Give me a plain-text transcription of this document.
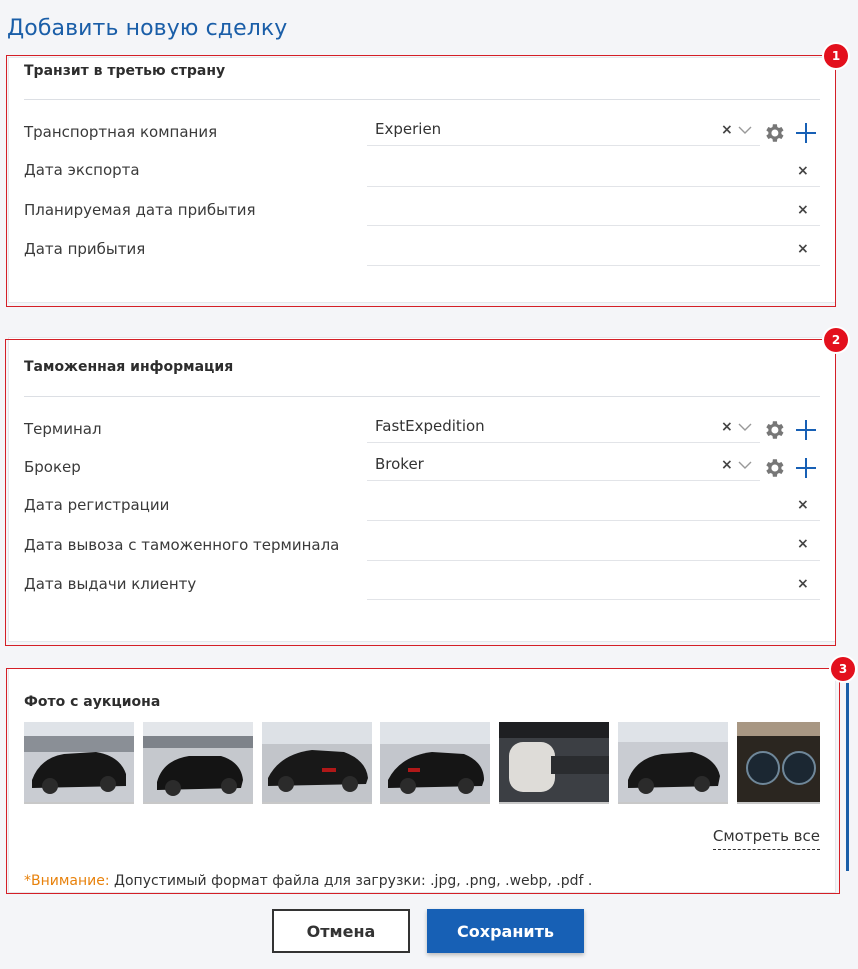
Добавить новую сделку
Транзит в третью страну
Транспортная компания	Experien	×
Дата экспорта	×
Планируемая дата прибытия	×
Дата прибытия	×
1
Таможенная информация
Терминал	FastExpedition	×
Брокер	Broker	×
Дата регистрации	×
Дата вывоза с таможенного терминала	×
Дата выдачи клиенту	×
2
Фото с аукциона
Смотреть все
*Внимание: Допустимый формат файла для загрузки: .jpg, .png, .webp, .pdf .
3
Отмена	Сохранить
